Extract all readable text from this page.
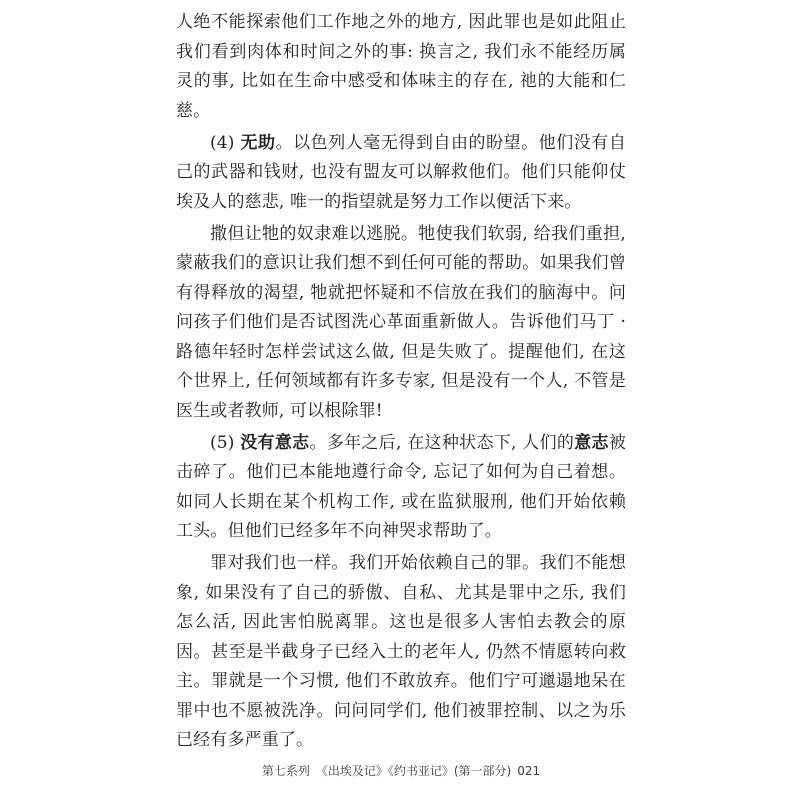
人绝不能探索他们工作地之外的地方, 因此罪也是如此阻止我们看到肉体和时间之外的事: 换言之, 我们永不能经历属灵的事, 比如在生命中感受和体味主的存在, 祂的大能和仁慈。

(4) 无助。以色列人毫无得到自由的盼望。他们没有自己的武器和钱财, 也没有盟友可以解救他们。他们只能仰仗埃及人的慈悲, 唯一的指望就是努力工作以便活下来。

撒但让牠的奴隶难以逃脱。牠使我们软弱, 给我们重担, 蒙蔽我们的意识让我们想不到任何可能的帮助。如果我们曾有得释放的渴望, 牠就把怀疑和不信放在我们的脑海中。问问孩子们他们是否试图洗心革面重新做人。告诉他们马丁 · 路德年轻时怎样尝试这么做, 但是失败了。提醒他们, 在这个世界上, 任何领域都有许多专家, 但是没有一个人, 不管是医生或者教师, 可以根除罪!

(5) 没有意志。多年之后, 在这种状态下, 人们的意志被击碎了。他们已本能地遵行命令, 忘记了如何为自己着想。如同人长期在某个机构工作, 或在监狱服刑, 他们开始依赖工头。但他们已经多年不向神哭求帮助了。

罪对我们也一样。我们开始依赖自己的罪。我们不能想象, 如果没有了自己的骄傲、自私、尤其是罪中之乐, 我们怎么活, 因此害怕脱离罪。这也是很多人害怕去教会的原因。甚至是半截身子已经入土的老年人, 仍然不情愿转向救主。罪就是一个习惯, 他们不敢放弃。他们宁可邋遢地呆在罪中也不愿被洗净。问问同学们, 他们被罪控制、以之为乐已经有多严重了。

第七系列 《出埃及记》《约书亚记》(第一部分) 021
